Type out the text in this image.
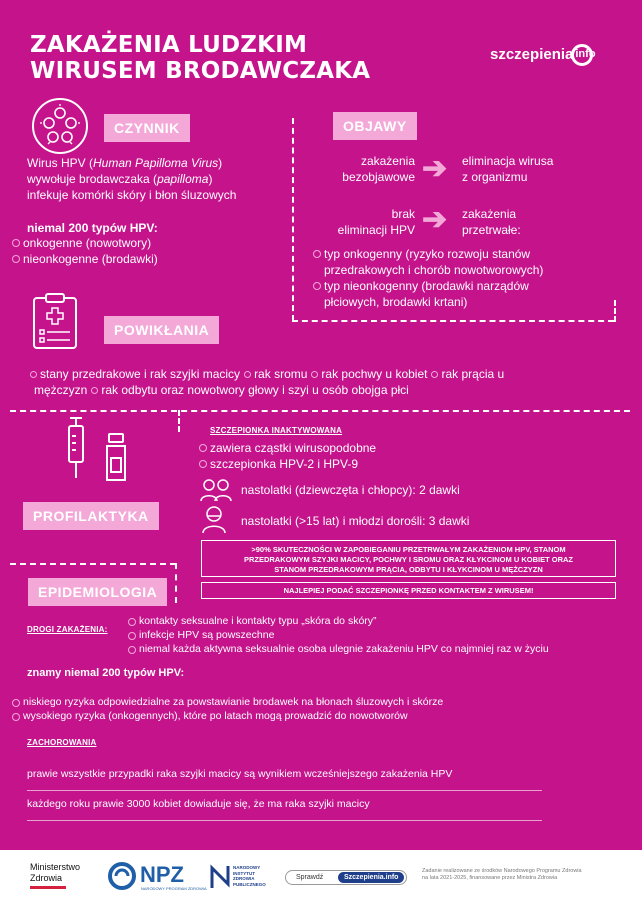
ZAKAŻENIA LUDZKIM
WIRUSEM BRODAWCZAKA
szczepienia info
CZYNNIK
Wirus HPV (Human Papilloma Virus)
wywołuje brodawczaka (papilloma)
infekuje komórki skóry i błon śluzowych
niemal 200 typów HPV:
onkogenne (nowotwory)
nieonkogenne (brodawki)
OBJAWY
zakażenia
bezobjawowe ➔ eliminacja wirusa
z organizmu
brak
eliminacji HPV ➔ zakażenia
przetrwałe:
typ onkogenny (ryzyko rozwoju stanów
przedrakowych i chorób nowotworowych)
typ nieonkogenny (brodawki narządów
płciowych, brodawki krtani)
POWIKŁANIA
stany przedrakowe i rak szyjki macicy rak sromu rak pochwy u kobiet rak prącia u
mężczyzn rak odbytu oraz nowotwory głowy i szyi u osób obojga płci
PROFILAKTYKA
SZCZEPIONKA INAKTYWOWANA
zawiera cząstki wirusopodobne
szczepionka HPV-2 i HPV-9
nastolatki (dziewczęta i chłopcy): 2 dawki
nastolatki (>15 lat) i młodzi dorośli: 3 dawki
>90% SKUTECZNOŚCI W ZAPOBIEGANIU PRZETRWAŁYM ZAKAŻENIOM HPV, STANOM
PRZEDRAKOWYM SZYJKI MACICY, POCHWY I SROMU ORAZ KŁYKCINOM U KOBIET ORAZ
STANOM PRZEDRAKOWYM PRĄCIA, ODBYTU I KŁYKCINOM U MĘŻCZYZN
NAJLEPIEJ PODAĆ SZCZEPIONKĘ PRZED KONTAKTEM Z WIRUSEM!
EPIDEMIOLOGIA
DROGI ZAKAŻENIA:
kontakty seksualne i kontakty typu „skóra do skóry”
infekcje HPV są powszechne
niemal każda aktywna seksualnie osoba ulegnie zakażeniu HPV co najmniej raz w życiu
znamy niemal 200 typów HPV:
niskiego ryzyka odpowiedzialne za powstawianie brodawek na błonach śluzowych i skórze
wysokiego ryzyka (onkogennych), które po latach mogą prowadzić do nowotworów
ZACHOROWANIA
prawie wszystkie przypadki raka szyjki macicy są wynikiem wcześniejszego zakażenia HPV
każdego roku prawie 3000 kobiet dowiaduje się, że ma raka szyjki macicy
Ministerstwo
Zdrowia	NPZ
NARODOWY PROGRAM ZDROWIA
NARODOWY
INSTYTUT
ZDROWIA
PUBLICZNEGO
Sprawdź	Szczepienia.info
Zadanie realizowane ze środków Narodowego Programu Zdrowia
na lata 2021-2025, finansowane przez Ministra Zdrowia
